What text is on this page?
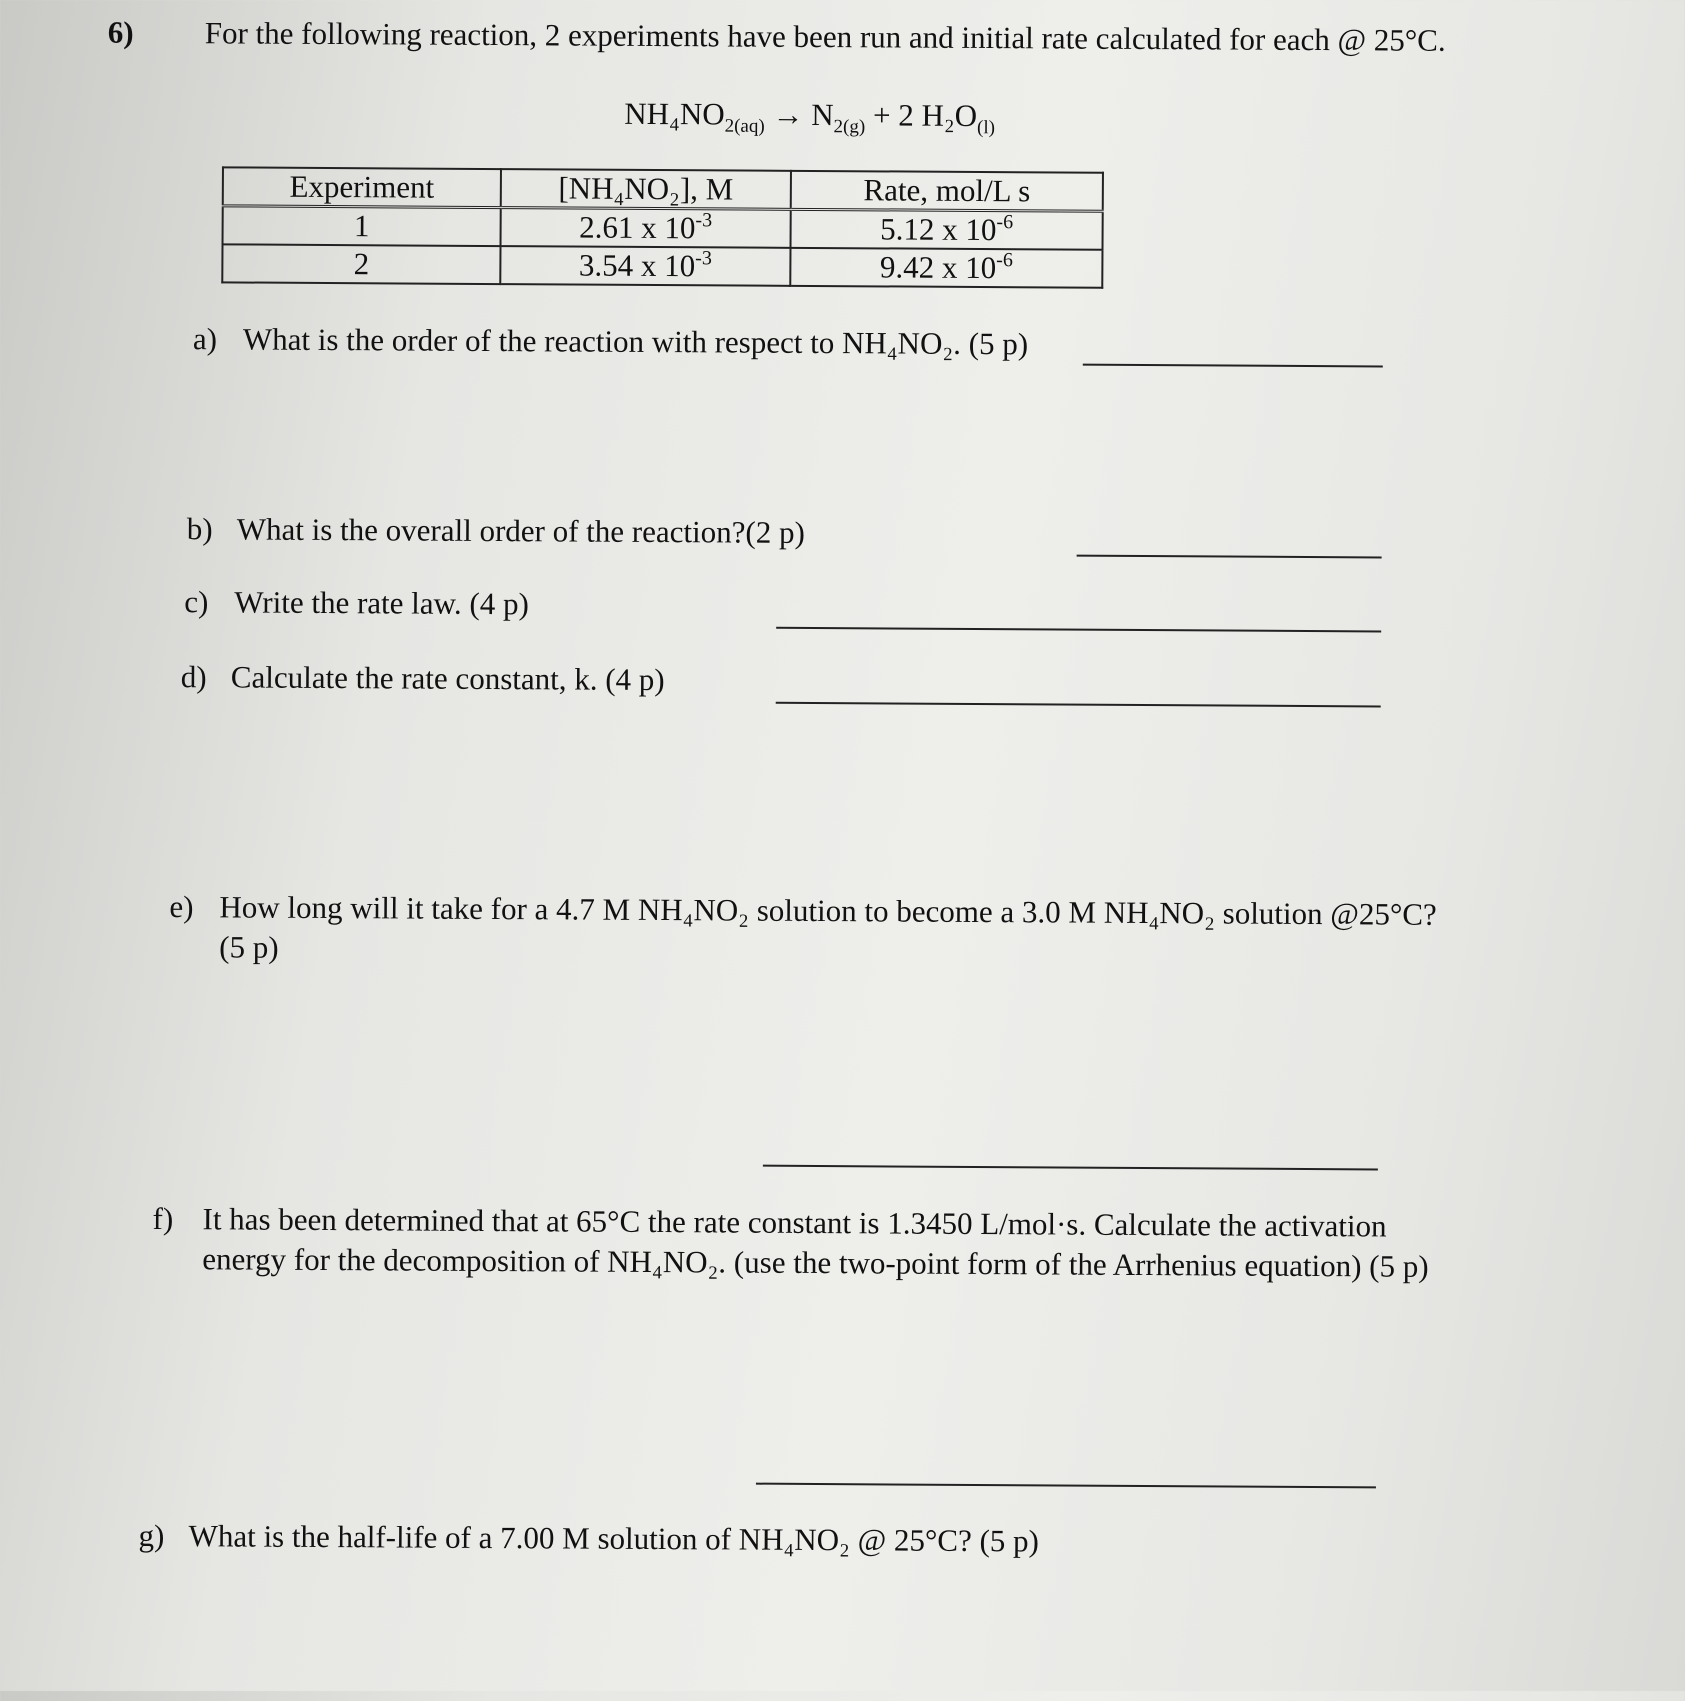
6) For the following reaction, 2 experiments have been run and initial rate calculated for each @ 25°C.
$NH_4NO_{2(aq)} \to N_{2(g)} + 2$ $H_2O_{(l)}$
Experiment	[NH₄NO₂], M	Rate, mol/L s
1	2.61 x $10^{-3}$	5.12 x $10^{-6}$
2	3.54 x $10^{-3}$	9.42 x $10^{-6}$
a) What is the order of the reaction with respect to NH₄NO₂. (5 p)
b) What is the overall order of the reaction?(2 p)
c) Write the rate law. (4 p)
d) Calculate the rate constant, k. (4 p)
e) How long will it take for a 4.7 M NH₄NO₂ solution to become a 3.0 M NH₄NO₂ solution @25°C?
(5 p)
f) It has been determined that at 65°C the rate constant is 1.3450 L/mol·s. Calculate the activation
energy for the decomposition of NH₄NO₂. (use the two-point form of the Arrhenius equation) (5 p)
g) What is the half-life of a 7.00 M solution of NH₄NO₂ @ 25°C? (5 p)
